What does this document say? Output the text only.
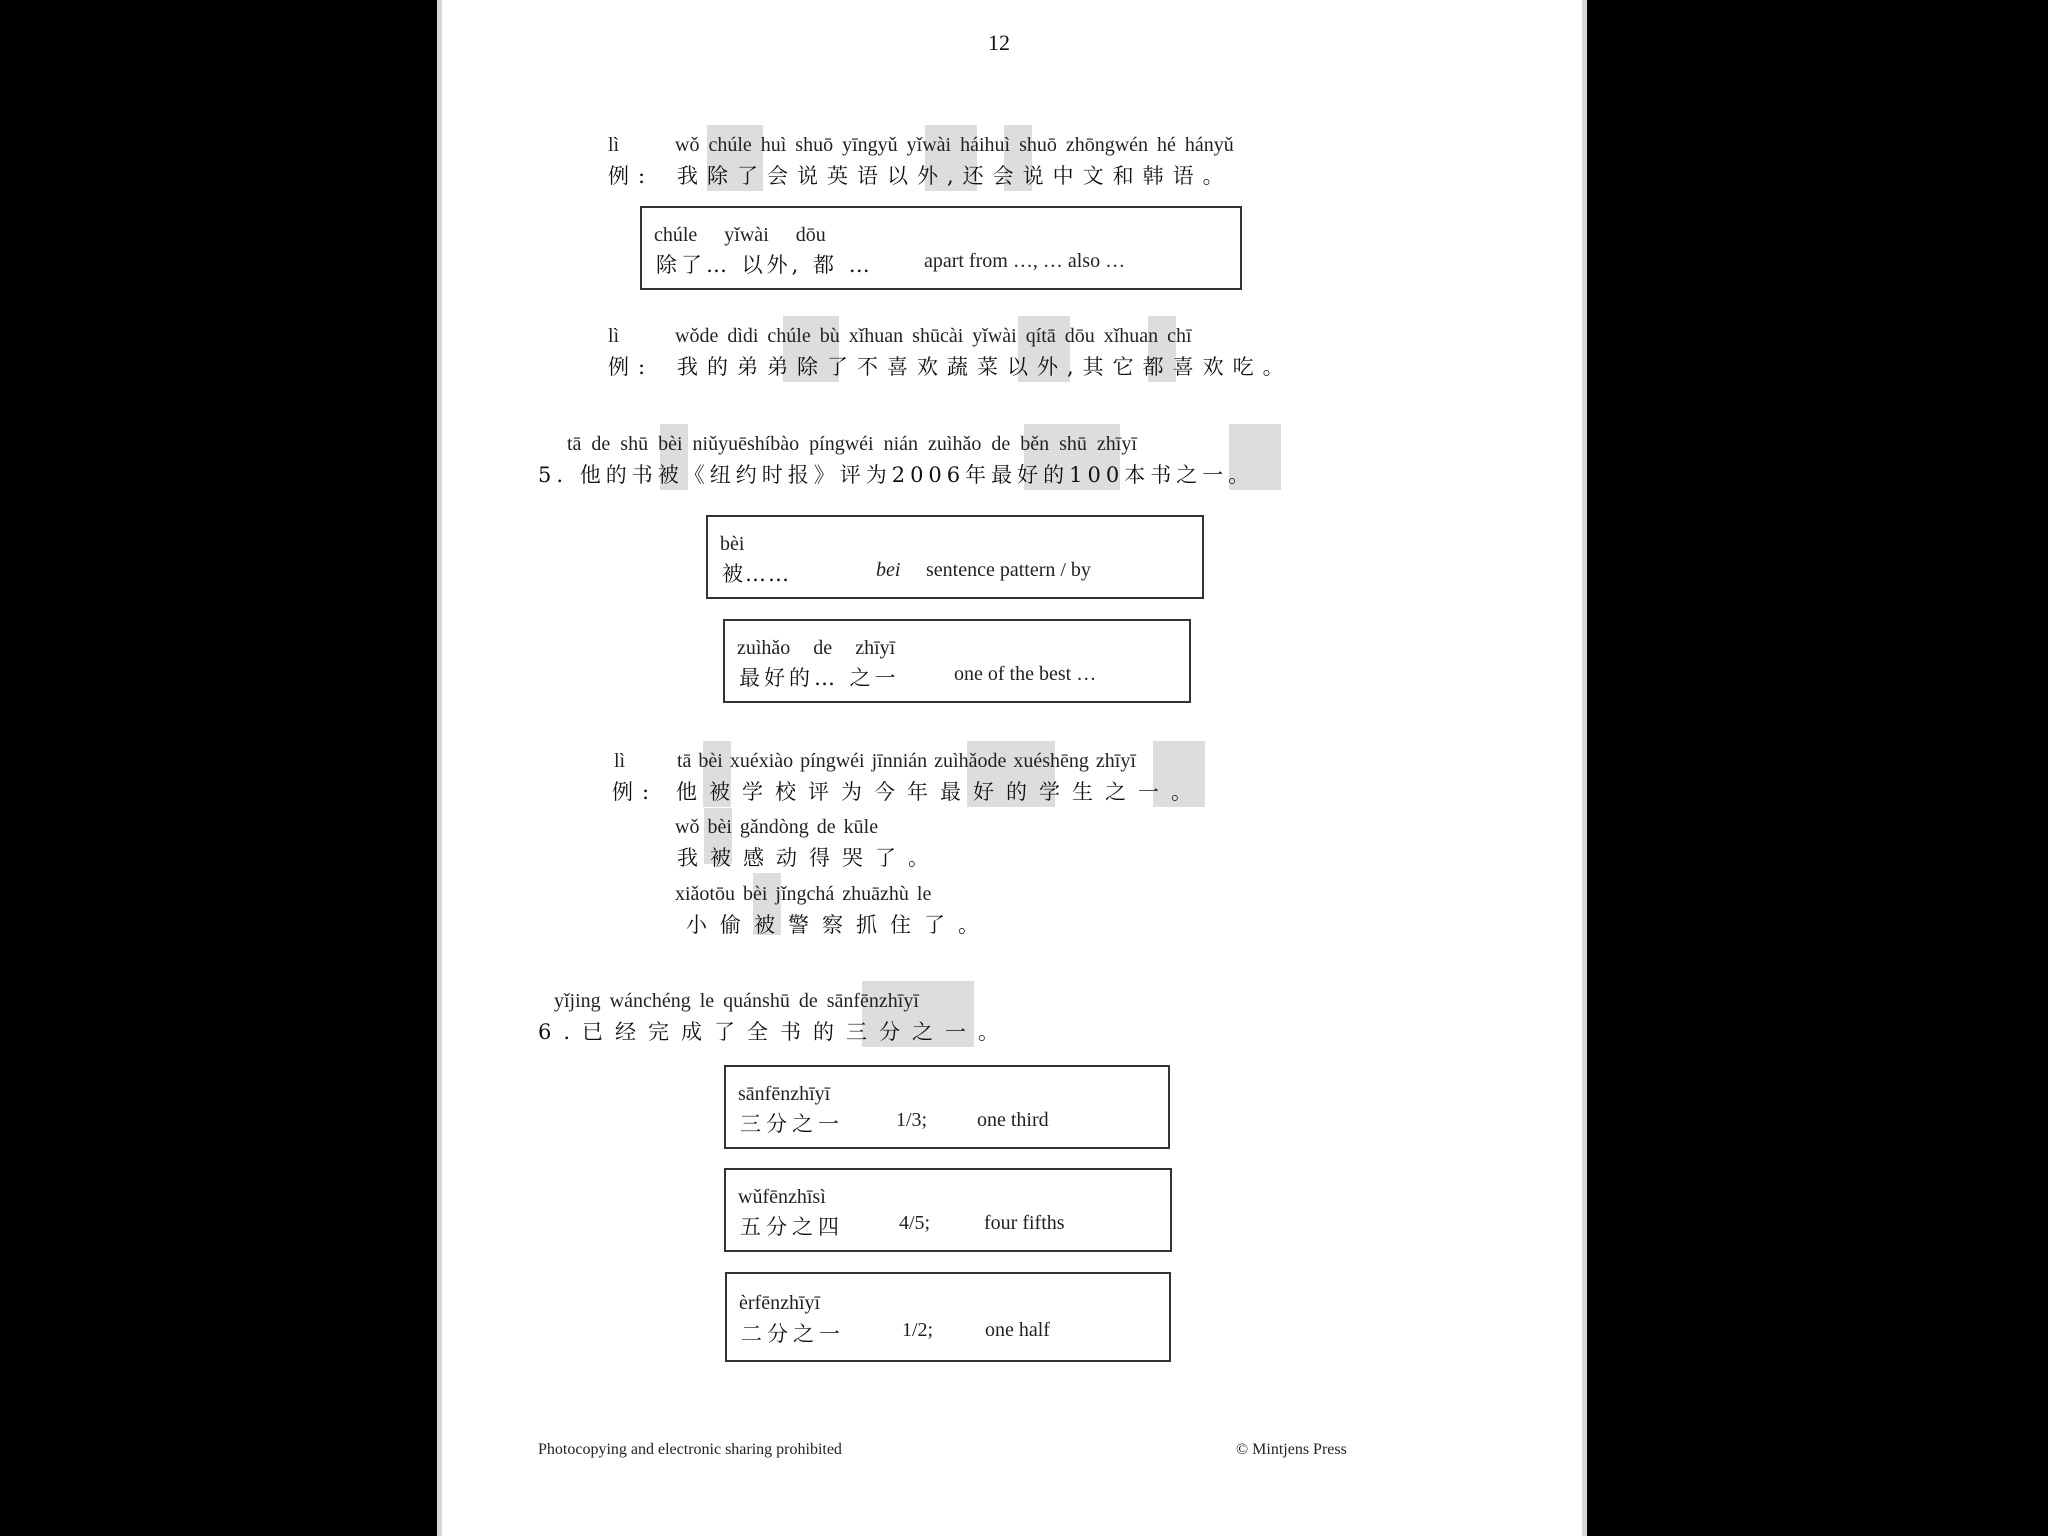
12
lì
例:
wǒ chúle huì shuō yīngyǔ yǐwài háihuì shuō zhōngwén hé hányǔ
我除了会说英语以外,还会说中文和韩语。
chúle yǐwài dōu
除了… 以外, 都 …	apart from …, … also …
lì
例:
wǒde dìdi chúle bù xǐhuan shūcài yǐwài qítā dōu xǐhuan chī
我的弟弟除了不喜欢蔬菜以外,其它都喜欢吃。
tā de shū bèi niǔyuēshíbào píngwéi nián zuìhǎo de běn shū zhīyī
5. 他的书被《纽约时报》评为2006年最好的100本书之一。
bèi
被……	bei sentence pattern / by
zuìhǎo de zhīyī
最好的… 之一	one of the best …
lì
例:
tā bèi xuéxiào píngwéi jīnnián zuìhǎode xuéshēng zhīyī
他被学校评为今年最好的学生之一。
wǒ bèi gǎndòng de kūle
我被感动得哭了。
xiǎotōu bèi jǐngchá zhuāzhù le
小偷被警察抓住了。
yǐjing wánchéng le quánshū de sānfēnzhīyī
6.已经完成了全书的三分之一。
sānfēnzhīyī
三分之一	1/3; one third
wǔfēnzhīsì
五分之四	4/5;	four fifths
èrfēnzhīyī
二分之一	1/2;	one half
Photocopying and electronic sharing prohibited	© Mintjens Press
